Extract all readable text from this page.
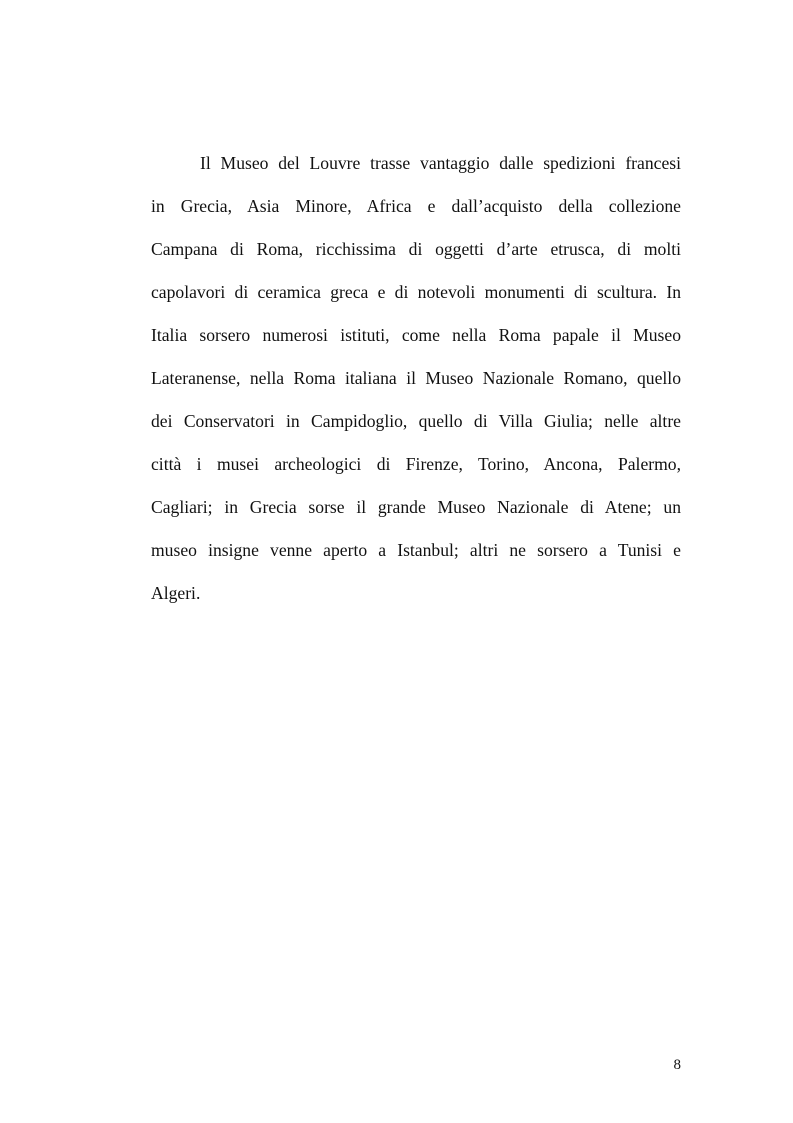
Il Museo del Louvre trasse vantaggio dalle spedizioni francesi
in Grecia, Asia Minore, Africa e dall’acquisto della collezione
Campana di Roma, ricchissima di oggetti d’arte etrusca, di molti
capolavori di ceramica greca e di notevoli monumenti di scultura. In
Italia sorsero numerosi istituti, come nella Roma papale il Museo
Lateranense, nella Roma italiana il Museo Nazionale Romano, quello
dei Conservatori in Campidoglio, quello di Villa Giulia; nelle altre
città i musei archeologici di Firenze, Torino, Ancona, Palermo,
Cagliari; in Grecia sorse il grande Museo Nazionale di Atene; un
museo insigne venne aperto a Istanbul; altri ne sorsero a Tunisi e
Algeri.
8
